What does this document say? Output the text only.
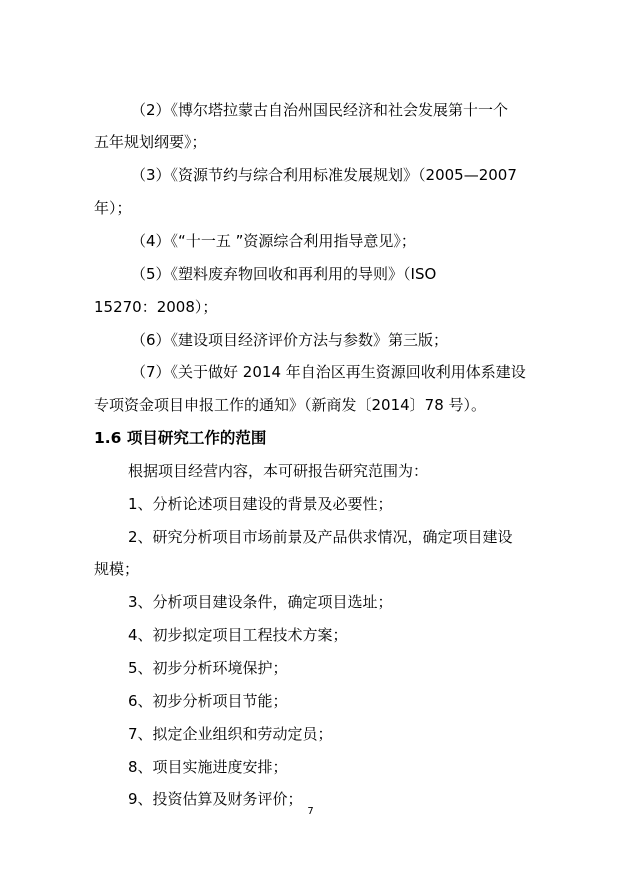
（2）《博尔塔拉蒙古自治州国民经济和社会发展第十一个
五年规划纲要》；
（3）《资源节约与综合利用标准发展规划》（2005—2007
年）；
（4）《“十一五 ”资源综合利用指导意见》；
（5）《塑料废弃物回收和再利用的导则》（ISO
15270：2008）；
（6）《建设项目经济评价方法与参数》第三版；
（7）《关于做好 2014 年自治区再生资源回收利用体系建设
专项资金项目申报工作的通知》（新商发〔2014〕78 号）。
1.6 项目研究工作的范围
根据项目经营内容，本可研报告研究范围为：
1、分析论述项目建设的背景及必要性；
2、研究分析项目市场前景及产品供求情况，确定项目建设
规模；
3、分析项目建设条件，确定项目选址；
4、初步拟定项目工程技术方案；
5、初步分析环境保护；
6、初步分析项目节能；
7、拟定企业组织和劳动定员；
8、项目实施进度安排；
9、投资估算及财务评价；
7
